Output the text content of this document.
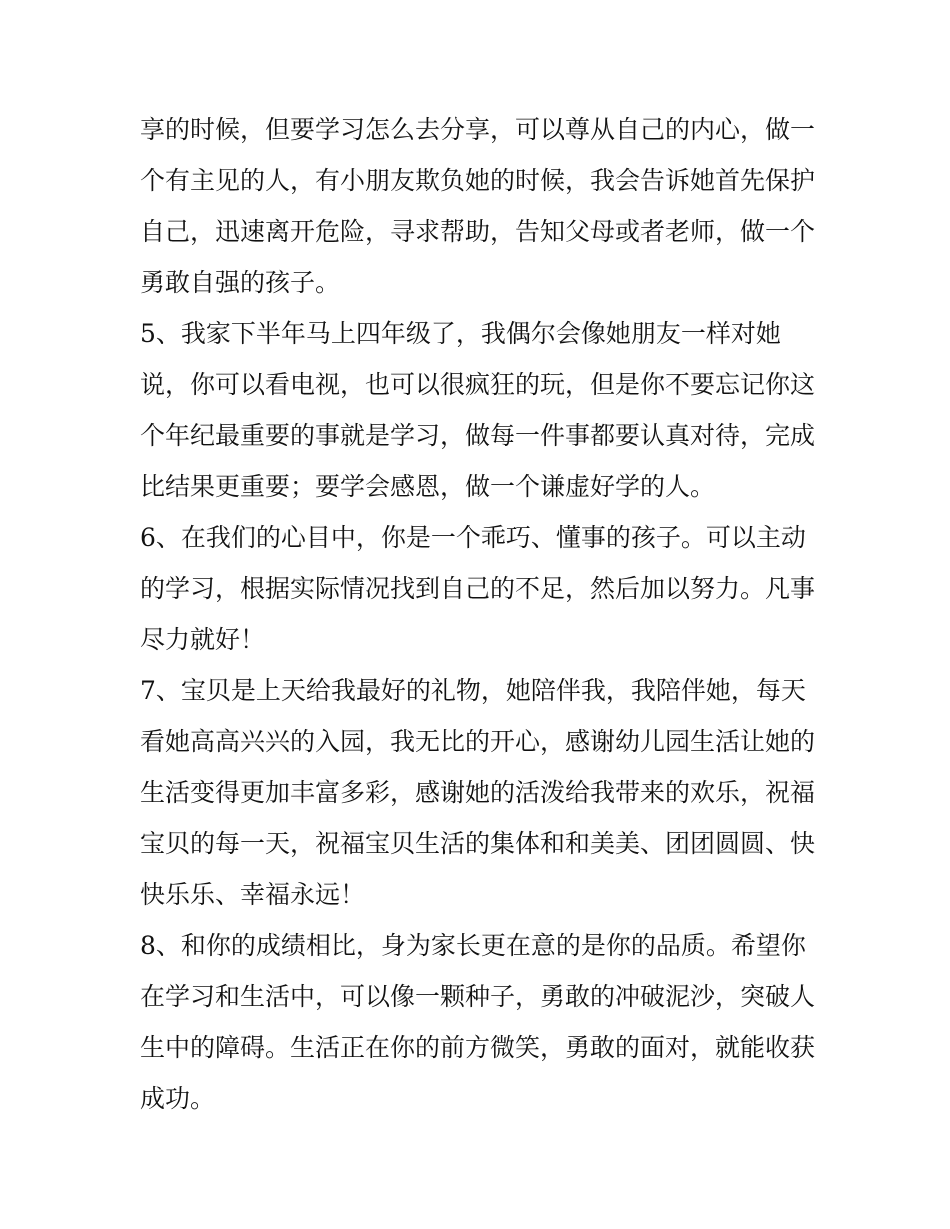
享的时候，但要学习怎么去分享，可以尊从自己的内心，做一
个有主见的人，有小朋友欺负她的时候，我会告诉她首先保护
自己，迅速离开危险，寻求帮助，告知父母或者老师，做一个
勇敢自强的孩子。
5、我家下半年马上四年级了，我偶尔会像她朋友一样对她
说，你可以看电视，也可以很疯狂的玩，但是你不要忘记你这
个年纪最重要的事就是学习，做每一件事都要认真对待，完成
比结果更重要；要学会感恩，做一个谦虚好学的人。
6、在我们的心目中，你是一个乖巧、懂事的孩子。可以主动
的学习，根据实际情况找到自己的不足，然后加以努力。凡事
尽力就好！
7、宝贝是上天给我最好的礼物，她陪伴我，我陪伴她，每天
看她高高兴兴的入园，我无比的开心，感谢幼儿园生活让她的
生活变得更加丰富多彩，感谢她的活泼给我带来的欢乐，祝福
宝贝的每一天，祝福宝贝生活的集体和和美美、团团圆圆、快
快乐乐、幸福永远！
8、和你的成绩相比，身为家长更在意的是你的品质。希望你
在学习和生活中，可以像一颗种子，勇敢的冲破泥沙，突破人
生中的障碍。生活正在你的前方微笑，勇敢的面对，就能收获
成功。
